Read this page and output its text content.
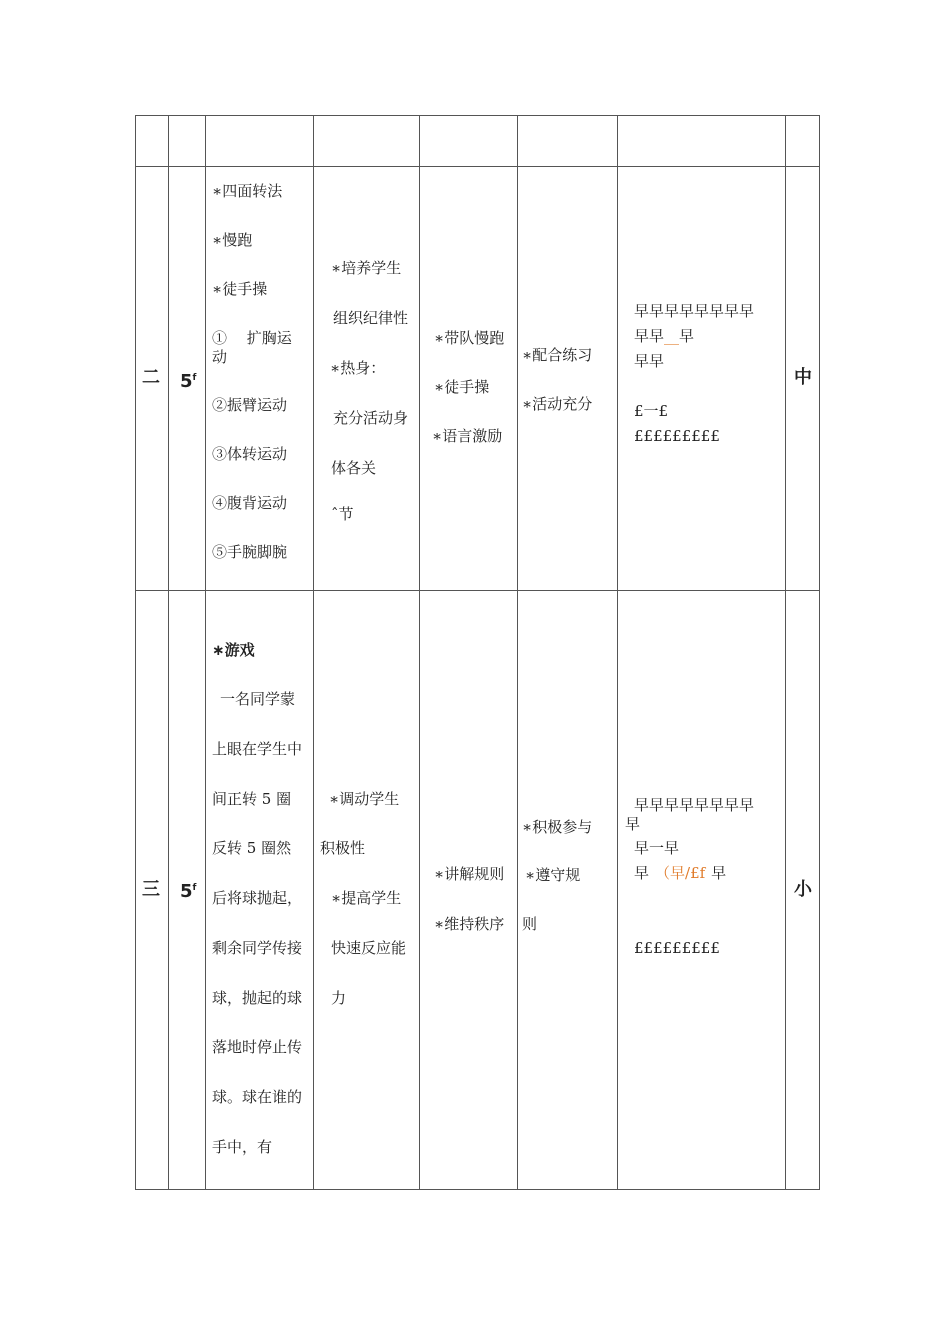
二 5$^f$
∗四面转法
∗慢跑
∗徒手操
①　 扩胸运
动
②振臂运动
③体转运动
④腹背运动
⑤手腕脚腕
∗培养学生
组织纪律性
∗热身：
充分活动身
体各关
ˆ节
∗带队慢跑
∗徒手操
∗语言激励
∗配合练习
∗活动充分
早早早早早早早早
早早__早
早早
£一£
£££££££££
中
三 5$^f$
∗游戏
一名同学蒙
上眼在学生中
间正转 5 圈
反转 5 圈然
后将球抛起，
剩余同学传接
球，抛起的球
落地时停止传
球。球在谁的
手中，有
∗调动学生
积极性
∗提高学生
快速反应能
力
∗讲解规则
∗维持秩序
∗积极参与
∗遵守规
则
早早早早早早早早
早
早一早
早 （早/£f 早
£££££££££
小
